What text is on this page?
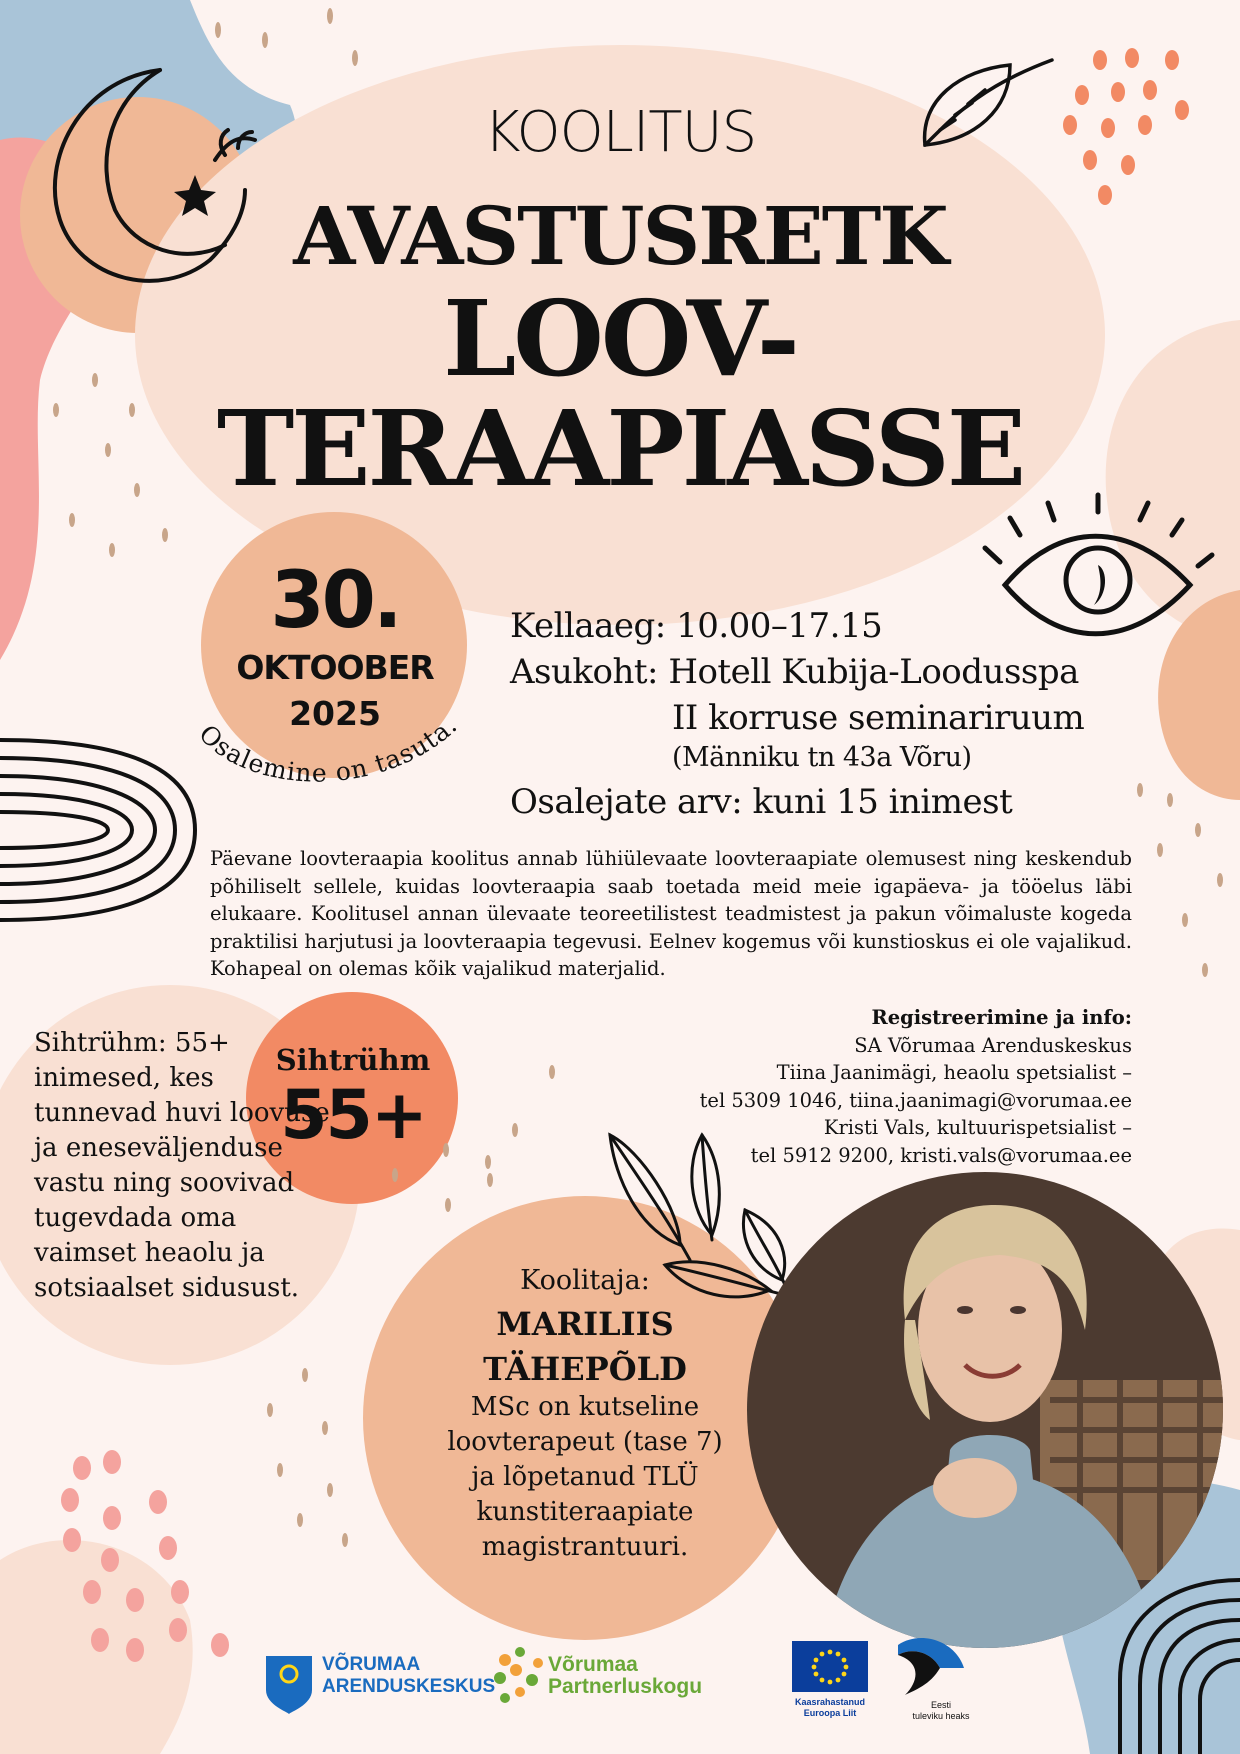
KOOLITUS
AVASTUSRETK
LOOV-
TERAAPIASSE
30.
OKTOOBER
2025
Osalemine on tasuta.
Kellaaeg: 10.00–17.15
Asukoht: Hotell Kubija-Loodusspa
II korruse seminariruum
(Männiku tn 43a Võru)
Osalejate arv: kuni 15 inimest
Päevane loovteraapia koolitus annab lühiülevaate loovteraapiate olemusest ning keskendub põhiliselt sellele, kuidas loovteraapia saab toetada meid meie igapäeva- ja tööelus läbi elukaare. Koolitusel annan ülevaate teoreetilistest teadmistest ja pakun võimaluste kogeda praktilisi harjutusi ja loovteraapia tegevusi. Eelnev kogemus või kunstioskus ei ole vajalikud. Kohapeal on olemas kõik vajalikud materjalid.
Sihtrühm: 55+ inimesed, kes tunnevad huvi loovuse ja eneseväljenduse vastu ning soovivad tugevdada oma vaimset heaolu ja sotsiaalset sidusust.
Sihtrühm
55+
Registreerimine ja info:
SA Võrumaa Arenduskeskus
Tiina Jaanimägi, heaolu spetsialist –
tel 5309 1046, tiina.jaanimagi@vorumaa.ee
Kristi Vals, kultuurispetsialist –
tel 5912 9200, kristi.vals@vorumaa.ee
Koolitaja:
MARILIIS
TÄHEPÕLD
MSc on kutseline
loovterapeut (tase 7)
ja lõpetanud TLÜ
kunstiteraapiate
magistrantuuri.
VÕRUMAA
ARENDUSKESKUS
Võrumaa
Partnerluskogu
Kaasrahastanud
Euroopa Liit
Eesti
tuleviku heaks
